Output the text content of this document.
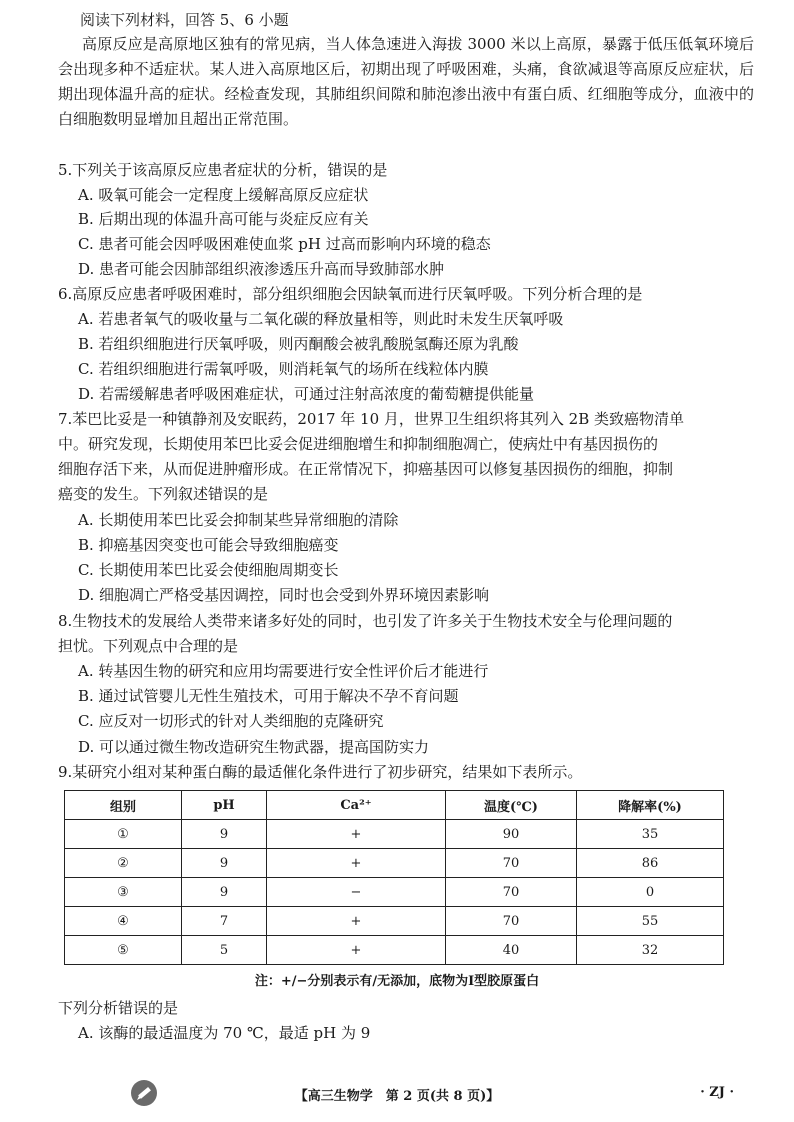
阅读下列材料，回答 5、6 小题
高原反应是高原地区独有的常见病，当人体急速进入海拔 3000 米以上高原，暴露于低压低氧环境后会出现多种不适症状。某人进入高原地区后，初期出现了呼吸困难，头痛，食欲减退等高原反应症状，后期出现体温升高的症状。经检查发现，其肺组织间隙和肺泡渗出液中有蛋白质、红细胞等成分，血液中的白细胞数明显增加且超出正常范围。
5.下列关于该高原反应患者症状的分析，错误的是
A. 吸氧可能会一定程度上缓解高原反应症状
B. 后期出现的体温升高可能与炎症反应有关
C. 患者可能会因呼吸困难使血浆 pH 过高而影响内环境的稳态
D. 患者可能会因肺部组织液渗透压升高而导致肺部水肿
6.高原反应患者呼吸困难时，部分组织细胞会因缺氧而进行厌氧呼吸。下列分析合理的是
A. 若患者氧气的吸收量与二氧化碳的释放量相等，则此时未发生厌氧呼吸
B. 若组织细胞进行厌氧呼吸，则丙酮酸会被乳酸脱氢酶还原为乳酸
C. 若组织细胞进行需氧呼吸，则消耗氧气的场所在线粒体内膜
D. 若需缓解患者呼吸困难症状，可通过注射高浓度的葡萄糖提供能量
7.苯巴比妥是一种镇静剂及安眠药，2017 年 10 月，世界卫生组织将其列入 2B 类致癌物清单
中。研究发现，长期使用苯巴比妥会促进细胞增生和抑制细胞凋亡，使病灶中有基因损伤的
细胞存活下来，从而促进肿瘤形成。在正常情况下，抑癌基因可以修复基因损伤的细胞，抑制
癌变的发生。下列叙述错误的是
A. 长期使用苯巴比妥会抑制某些异常细胞的清除
B. 抑癌基因突变也可能会导致细胞癌变
C. 长期使用苯巴比妥会使细胞周期变长
D. 细胞凋亡严格受基因调控，同时也会受到外界环境因素影响
8.生物技术的发展给人类带来诸多好处的同时，也引发了许多关于生物技术安全与伦理问题的
担忧。下列观点中合理的是
A. 转基因生物的研究和应用均需要进行安全性评价后才能进行
B. 通过试管婴儿无性生殖技术，可用于解决不孕不育问题
C. 应反对一切形式的针对人类细胞的克隆研究
D. 可以通过微生物改造研究生物武器，提高国防实力
9.某研究小组对某种蛋白酶的最适催化条件进行了初步研究，结果如下表所示。
组别	pH	Ca²⁺	温度(℃)	降解率(%)
①	9	+	90	35
②	9	+	70	86
③	9	−	70	0
④	7	+	70	55
⑤	5	+	40	32
注：+/−分别表示有/无添加，底物为Ⅰ型胶原蛋白
下列分析错误的是
A. 该酶的最适温度为 70 ℃，最适 pH 为 9
【高三生物学　第 2 页(共 8 页)】	· ZJ ·
